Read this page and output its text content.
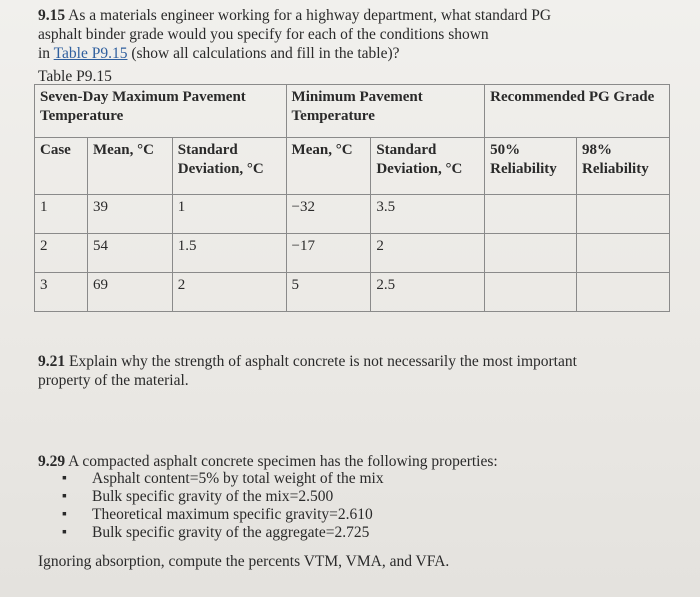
9.15 As a materials engineer working for a highway department, what standard PG
asphalt binder grade would you specify for each of the conditions shown
in Table P9.15 (show all calculations and fill in the table)?
Table P9.15
Seven-Day Maximum Pavement Temperature			Minimum Pavement Temperature		Recommended PG Grade	
Case	Mean, °C	Standard Deviation, °C	Mean, °C	Standard Deviation, °C	50% Reliability	98% Reliability
1	39	1	−32	3.5		
2	54	1.5	−17	2		
3	69	2	5	2.5		
9.21 Explain why the strength of asphalt concrete is not necessarily the most important
property of the material.
9.29 A compacted asphalt concrete specimen has the following properties:
▪ Asphalt content=5% by total weight of the mix
▪ Bulk specific gravity of the mix=2.500
▪ Theoretical maximum specific gravity=2.610
▪ Bulk specific gravity of the aggregate=2.725
Ignoring absorption, compute the percents VTM, VMA, and VFA.
